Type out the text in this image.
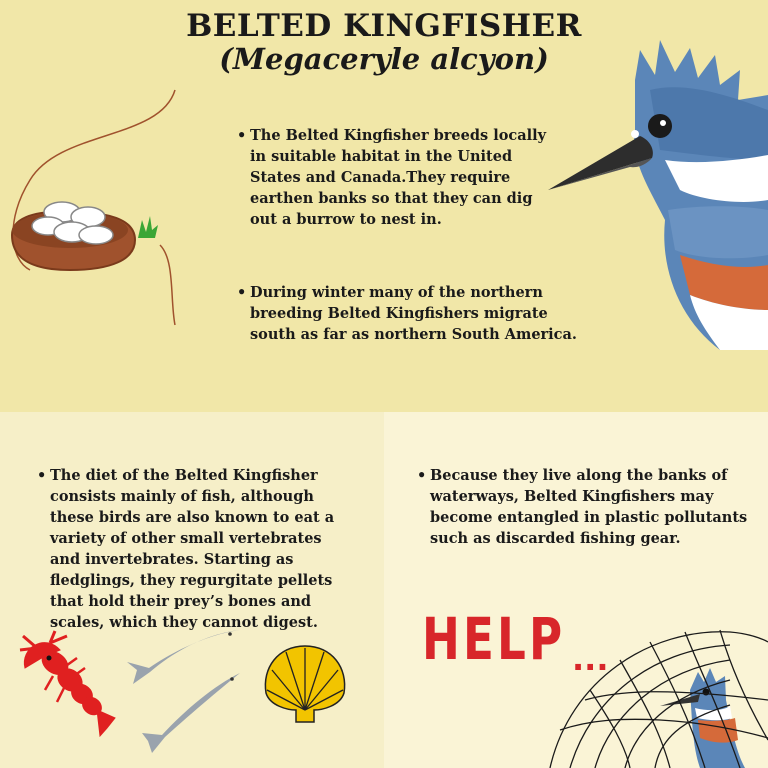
BELTED KINGFISHER
(Megaceryle alcyon)
• The Belted Kingfisher breeds locally in suitable habitat in the United States and Canada.They require earthen banks so that they can dig out a burrow to nest in.
• During winter many of the northern breeding Belted Kingfishers migrate south as far as northern South America.
• The diet of the Belted Kingfisher consists mainly of fish, although these birds are also known to eat a variety of other small vertebrates and invertebrates. Starting as fledglings, they regurgitate pellets that hold their prey’s bones and scales, which they cannot digest.
• Because they live along the banks of waterways, Belted Kingfishers may become entangled in plastic pollutants such as discarded fishing gear.
HELP ...
